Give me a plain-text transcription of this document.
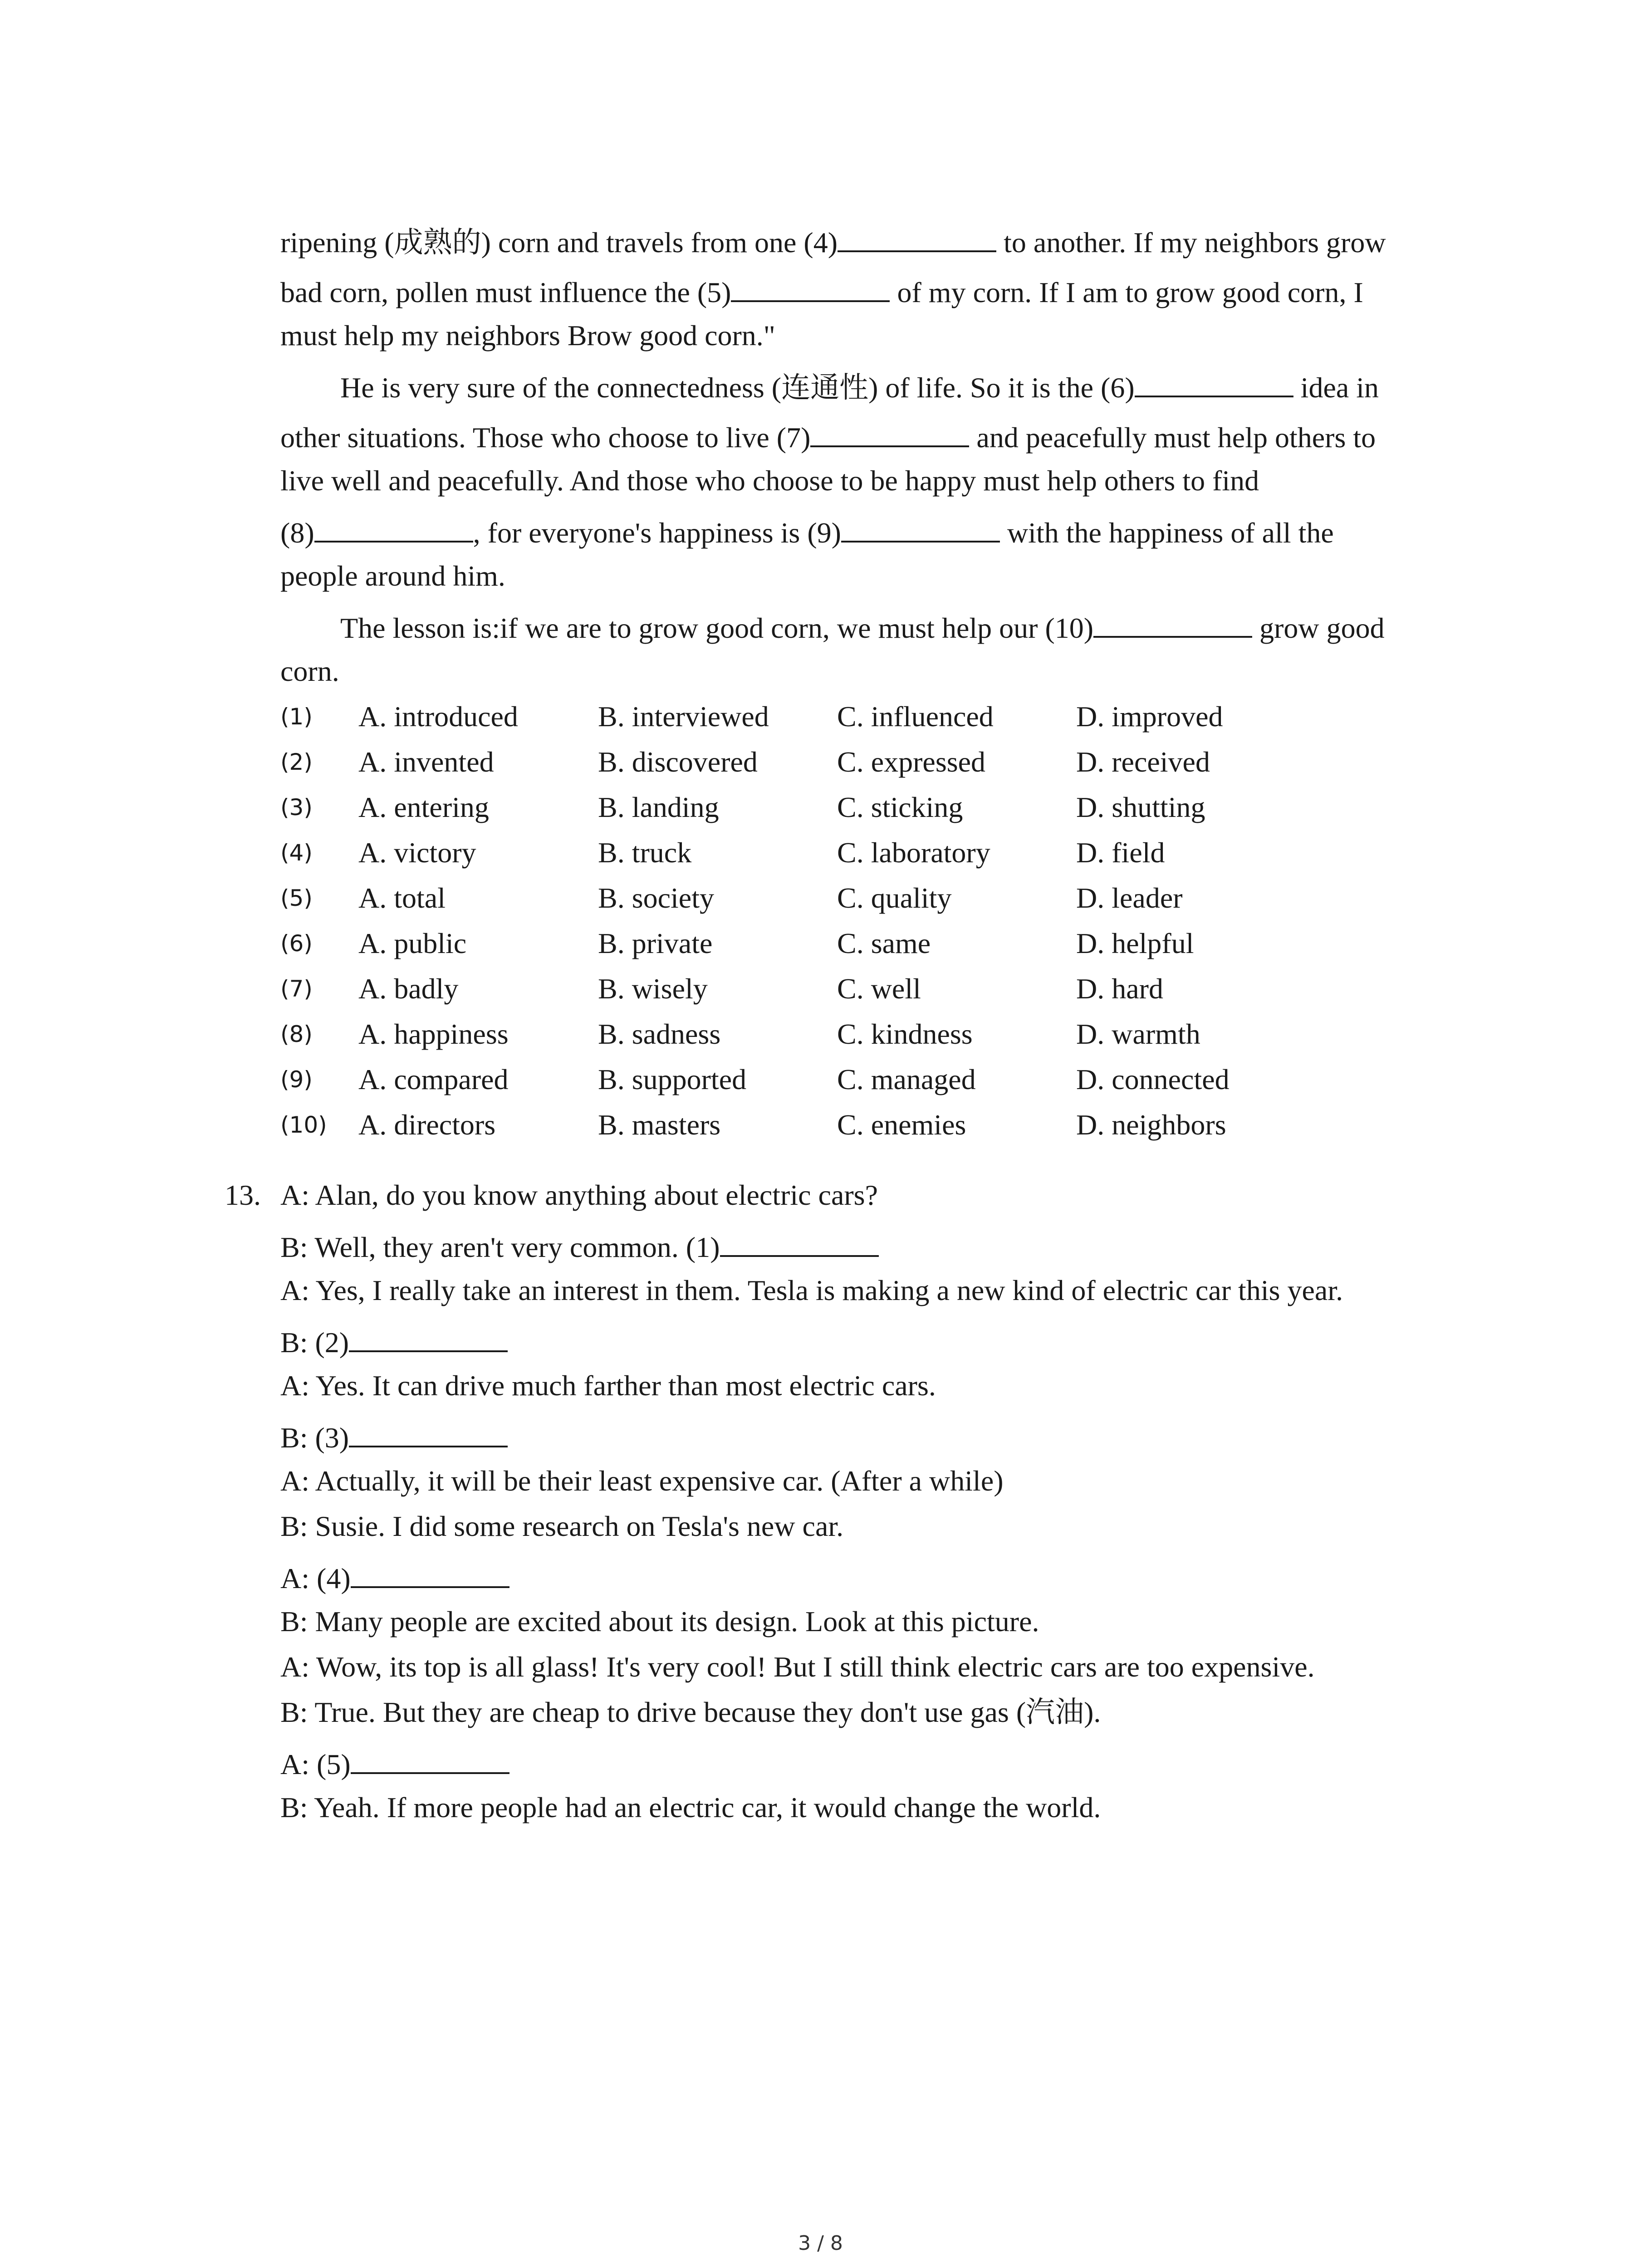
ripening (成熟的) corn and travels from one (4)	to another. If my neighbors grow
bad corn, pollen must influence the (5)	of my corn. If I am to grow good corn, I
must help my neighbors Brow good corn."
He is very sure of the connectedness (连通性) of life. So it is the (6)	idea in
other situations. Those who choose to live (7)	and peacefully must help others to
live well and peacefully. And those who choose to be happy must help others to find
(8)	, for everyone's happiness is (9)	with the happiness of all the
people around him.
The lesson is:if we are to grow good corn, we must help our (10)	grow good
corn.
(1) A. introduced	B. interviewed C. influenced	D. improved
(2) A. invented	B. discovered	C. expressed	D. received
(3) A. entering	B. landing	C. sticking	D. shutting
(4) A. victory	B. truck	C. laboratory	D. field
(5) A. total	B. society	C. quality	D. leader
(6) A. public	B. private	C. same	D. helpful
(7) A. badly	B. wisely	C. well	D. hard
(8) A. happiness	B. sadness	C. kindness	D. warmth
(9) A. compared	B. supported	C. managed	D. connected
(10) A. directors	B. masters	C. enemies	D. neighbors
13. A: Alan, do you know anything about electric cars?
B: Well, they aren't very common. (1)
A: Yes, I really take an interest in them. Tesla is making a new kind of electric car this year.
B: (2)
A: Yes. It can drive much farther than most electric cars.
B: (3)
A: Actually, it will be their least expensive car. (After a while)
B: Susie. I did some research on Tesla's new car.
A: (4)
B: Many people are excited about its design. Look at this picture.
A: Wow, its top is all glass! It's very cool! But I still think electric cars are too expensive.
B: True. But they are cheap to drive because they don't use gas (汽油).
A: (5)
B: Yeah. If more people had an electric car, it would change the world.
3 / 8
